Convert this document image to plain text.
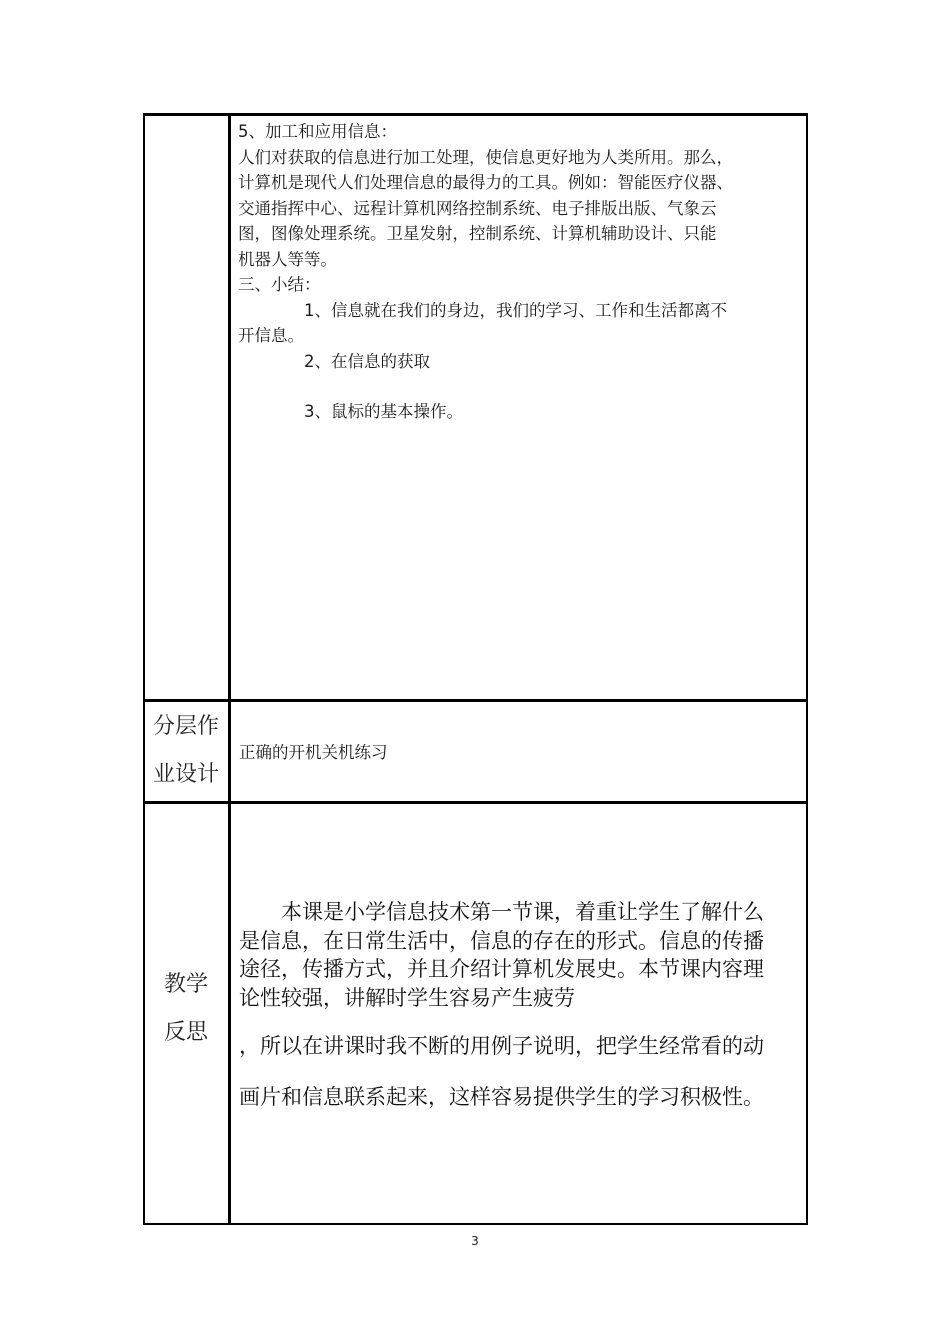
5、加工和应用信息：

人们对获取的信息进行加工处理，使信息更好地为人类所用。那么，

计算机是现代人们处理信息的最得力的工具。例如：智能医疗仪器、

交通指挥中心、远程计算机网络控制系统、电子排版出版、气象云

图，图像处理系统。卫星发射，控制系统、计算机辅助设计、只能

机器人等等。

三、小结：

1、信息就在我们的身边，我们的学习、工作和生活都离不

开信息。

2、在信息的获取

3、鼠标的基本操作。

分层作
业设计
正确的开机关机练习
教学
反思

本课是小学信息技术第一节课，着重让学生了解什么

是信息，在日常生活中，信息的存在的形式。信息的传播

途径，传播方式，并且介绍计算机发展史。本节课内容理

论性较强，讲解时学生容易产生疲劳

，所以在讲课时我不断的用例子说明，把学生经常看的动

画片和信息联系起来，这样容易提供学生的学习积极性。

3
